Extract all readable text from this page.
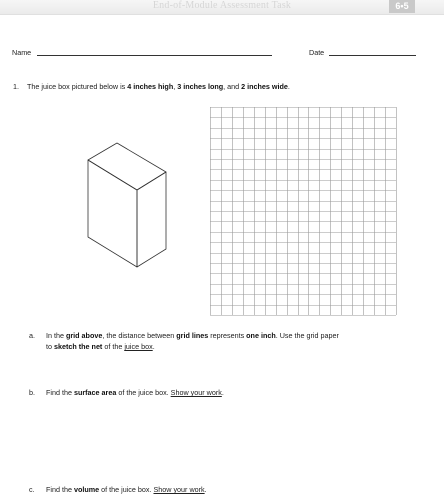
End-of-Module Assessment Task	6•5
Name	Date
1. The juice box pictured below is 4 inches high, 3 inches long, and 2 inches wide.
a. In the grid above, the distance between grid lines represents one inch. Use the grid paper
to sketch the net of the juice box.
b. Find the surface area of the juice box. Show your work.
c. Find the volume of the juice box. Show your work.
